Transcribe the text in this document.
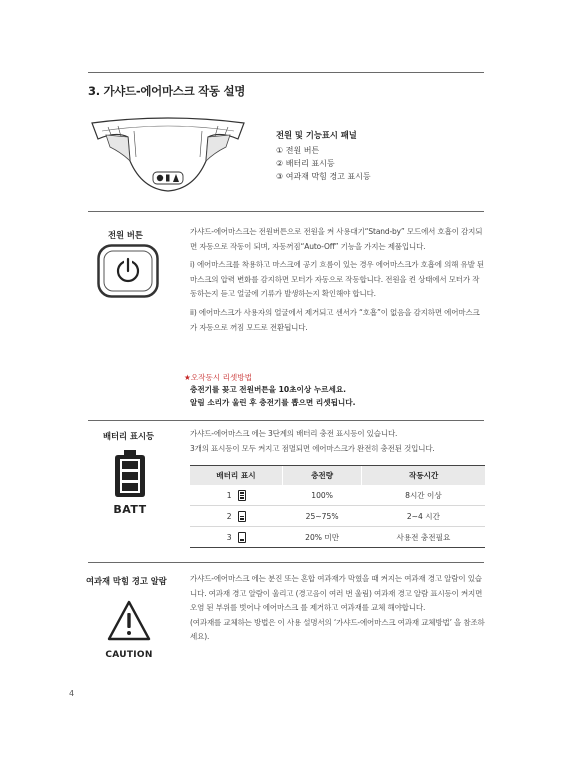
3. 가샤드-에어마스크 작동 설명
전원 및 기능표시 패널
① 전원 버튼
② 배터리 표시등
③ 여과재 막힘 경고 표시등
전원 버튼	가샤드-에어마스크는 전원버튼으로 전원을 켜 사용대기“Stand-by” 모드에서 호흡이 감지되면 자동으로 작동이 되며, 자동꺼짐“Auto-Off” 기능을 가지는 제품입니다.

i) 에어마스크를 착용하고 마스크에 공기 흐름이 있는 경우 에어마스크가 호흡에 의해 유발 된 마스크의 압력 변화를 감지하면 모터가 자동으로 작동합니다. 전원을 켠 상태에서 모터가 작동하는지 듣고 얼굴에 기류가 발생하는지 확인해야 합니다.

ii) 에어마스크가 사용자의 얼굴에서 제거되고 센서가 “호흡”이 없음을 감지하면 에어마스크가 자동으로 꺼짐 모드로 전환됩니다.

★오작동시 리셋방법
충전기를 꽂고 전원버튼을 10초이상 누르세요.
알림 소리가 울린 후 충전기를 뽑으면 리셋됩니다.
배터리 표시등
BATT
가샤드-에어마스크 에는 3단계의 배터리 충전 표시등이 있습니다.
3개의 표시등이 모두 켜지고 점멸되면 에어마스크가 완전히 충전된 것입니다.
배터리 표시	충전량	작동시간

1	100%	8시간 이상

2	25~75%	2~4 시간

3	20% 미만	사용전 충전필요
여과재 막힘 경고 알람
CAUTION
가샤드-에어마스크 에는 분진 또는 혼합 여과재가 막혔을 때 켜지는 여과재 경고 알람이 있습니다. 여과재 경고 알람이 울리고 (경고음이 여러 번 울림) 여과재 경고 알람 표시등이 켜지면 오염 된 부위를 벗어나 에어마스크 를 제거하고 여과재를 교체 해야합니다.
(여과재를 교체하는 방법은 이 사용 설명서의 ‘가샤드-에어마스크 여과재 교체방법’ 을 참조하세요).
4
